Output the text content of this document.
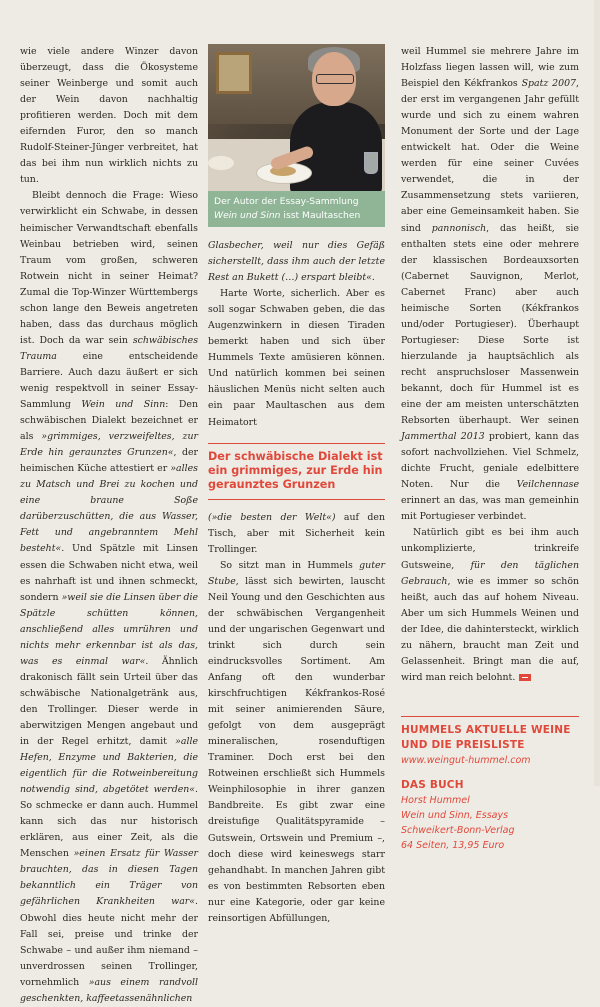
wie viele andere Winzer davon überzeugt, dass die Ökosysteme seiner Weinberge und somit auch der Wein davon nachhaltig profitieren werden. Doch mit dem eifernden Furor, den so manch Rudolf-Steiner-Jünger verbreitet, hat das bei ihm nun wirklich nichts zu tun.

Bleibt dennoch die Frage: Wieso verwirklicht ein Schwabe, in dessen heimischer Verwandtschaft ebenfalls Weinbau betrieben wird, seinen Traum vom großen, schweren Rotwein nicht in seiner Heimat? Zumal die Top-Winzer Württembergs schon lange den Beweis angetreten haben, dass das durchaus möglich ist. Doch da war sein schwäbisches Trauma eine entscheidende Barriere. Auch dazu äußert er sich wenig respektvoll in seiner Essay-Sammlung Wein und Sinn: Den schwäbischen Dialekt bezeichnet er als »grimmiges, verzweifeltes, zur Erde hin geraunztes Grunzen«, der heimischen Küche attestiert er »alles zu Matsch und Brei zu kochen und eine braune Soße darüberzuschütten, die aus Wasser, Fett und angebranntem Mehl besteht«. Und Spätzle mit Linsen essen die Schwaben nicht etwa, weil es nahrhaft ist und ihnen schmeckt, sondern »weil sie die Linsen über die Spätzle schütten können, anschließend alles umrühren und nichts mehr erkennbar ist als das, was es einmal war«. Ähnlich drakonisch fällt sein Urteil über das schwäbische Nationalgetränk aus, den Trollinger. Dieser werde in aberwitzigen Mengen angebaut und in der Regel erhitzt, damit »alle Hefen, Enzyme und Bakterien, die eigentlich für die Rotweinbereitung notwendig sind, abgetötet werden«. So schmecke er dann auch. Hummel kann sich das nur historisch erklären, aus einer Zeit, als die Menschen »einen Ersatz für Wasser brauchten, das in diesen Tagen bekanntlich ein Träger von gefährlichen Krankheiten war«. Obwohl dies heute nicht mehr der Fall sei, preise und trinke der Schwabe – und außer ihm niemand – unverdrossen seinen Trollinger, vornehmlich »aus einem randvoll geschenkten, kaffeetassenähnlichen

Der Autor der Essay-Sammlung
Wein und Sinn isst Maultaschen

Glasbecher, weil nur dies Gefäß sicherstellt, dass ihm auch der letzte Rest an Bukett (…) erspart bleibt«.

Harte Worte, sicherlich. Aber es soll sogar Schwaben geben, die das Augenzwinkern in diesen Tiraden bemerkt haben und sich über Hummels Texte amüsieren können. Und natürlich kommen bei seinen häuslichen Menüs nicht selten auch ein paar Maultaschen aus dem Heimatort

Der schwäbische Dialekt ist ein grimmiges, zur Erde hin geraunztes Grunzen

(»die besten der Welt«) auf den Tisch, aber mit Sicherheit kein Trollinger.

So sitzt man in Hummels guter Stube, lässt sich bewirten, lauscht Neil Young und den Geschichten aus der schwäbischen Vergangenheit und der ungarischen Gegenwart und trinkt sich durch sein eindrucksvolles Sortiment. Am Anfang oft den wunderbar kirschfruchtigen Kékfrankos-Rosé mit seiner animierenden Säure, gefolgt von dem ausgeprägt mineralischen, rosenduftigen Traminer. Doch erst bei den Rotweinen erschließt sich Hummels Weinphilosophie in ihrer ganzen Bandbreite. Es gibt zwar eine dreistufige Qualitätspyramide – Gutswein, Ortswein und Premium –, doch diese wird keineswegs starr gehandhabt. In manchen Jahren gibt es von bestimmten Rebsorten eben nur eine Kategorie, oder gar keine reinsortigen Abfüllungen,

weil Hummel sie mehrere Jahre im Holzfass liegen lassen will, wie zum Beispiel den Kékfrankos Spatz 2007, der erst im vergangenen Jahr gefüllt wurde und sich zu einem wahren Monument der Sorte und der Lage entwickelt hat. Oder die Weine werden für eine seiner Cuvées verwendet, die in der Zusammensetzung stets variieren, aber eine Gemeinsamkeit haben. Sie sind pannonisch, das heißt, sie enthalten stets eine oder mehrere der klassischen Bordeauxsorten (Cabernet Sauvignon, Merlot, Cabernet Franc) aber auch heimische Sorten (Kékfrankos und/oder Portugieser). Überhaupt Portugieser: Diese Sorte ist hierzulande ja hauptsächlich als recht anspruchsloser Massenwein bekannt, doch für Hummel ist es eine der am meisten unterschätzten Rebsorten überhaupt. Wer seinen Jammerthal 2013 probiert, kann das sofort nachvollziehen. Viel Schmelz, dichte Frucht, geniale edelbittere Noten. Nur die Veilchennase erinnert an das, was man gemeinhin mit Portugieser verbindet.

Natürlich gibt es bei ihm auch unkomplizierte, trinkreife Gutsweine, für den täglichen Gebrauch, wie es immer so schön heißt, auch das auf hohem Niveau. Aber um sich Hummels Weinen und der Idee, die dahintersteckt, wirklich zu nähern, braucht man Zeit und Gelassenheit. Bringt man die auf, wird man reich belohnt.

HUMMELS AKTUELLE WEINE UND DIE PREISLISTE
www.weingut-hummel.com
DAS BUCH
Horst Hummel
Wein und Sinn, Essays
Schweikert-Bonn-Verlag
64 Seiten, 13,95 Euro
